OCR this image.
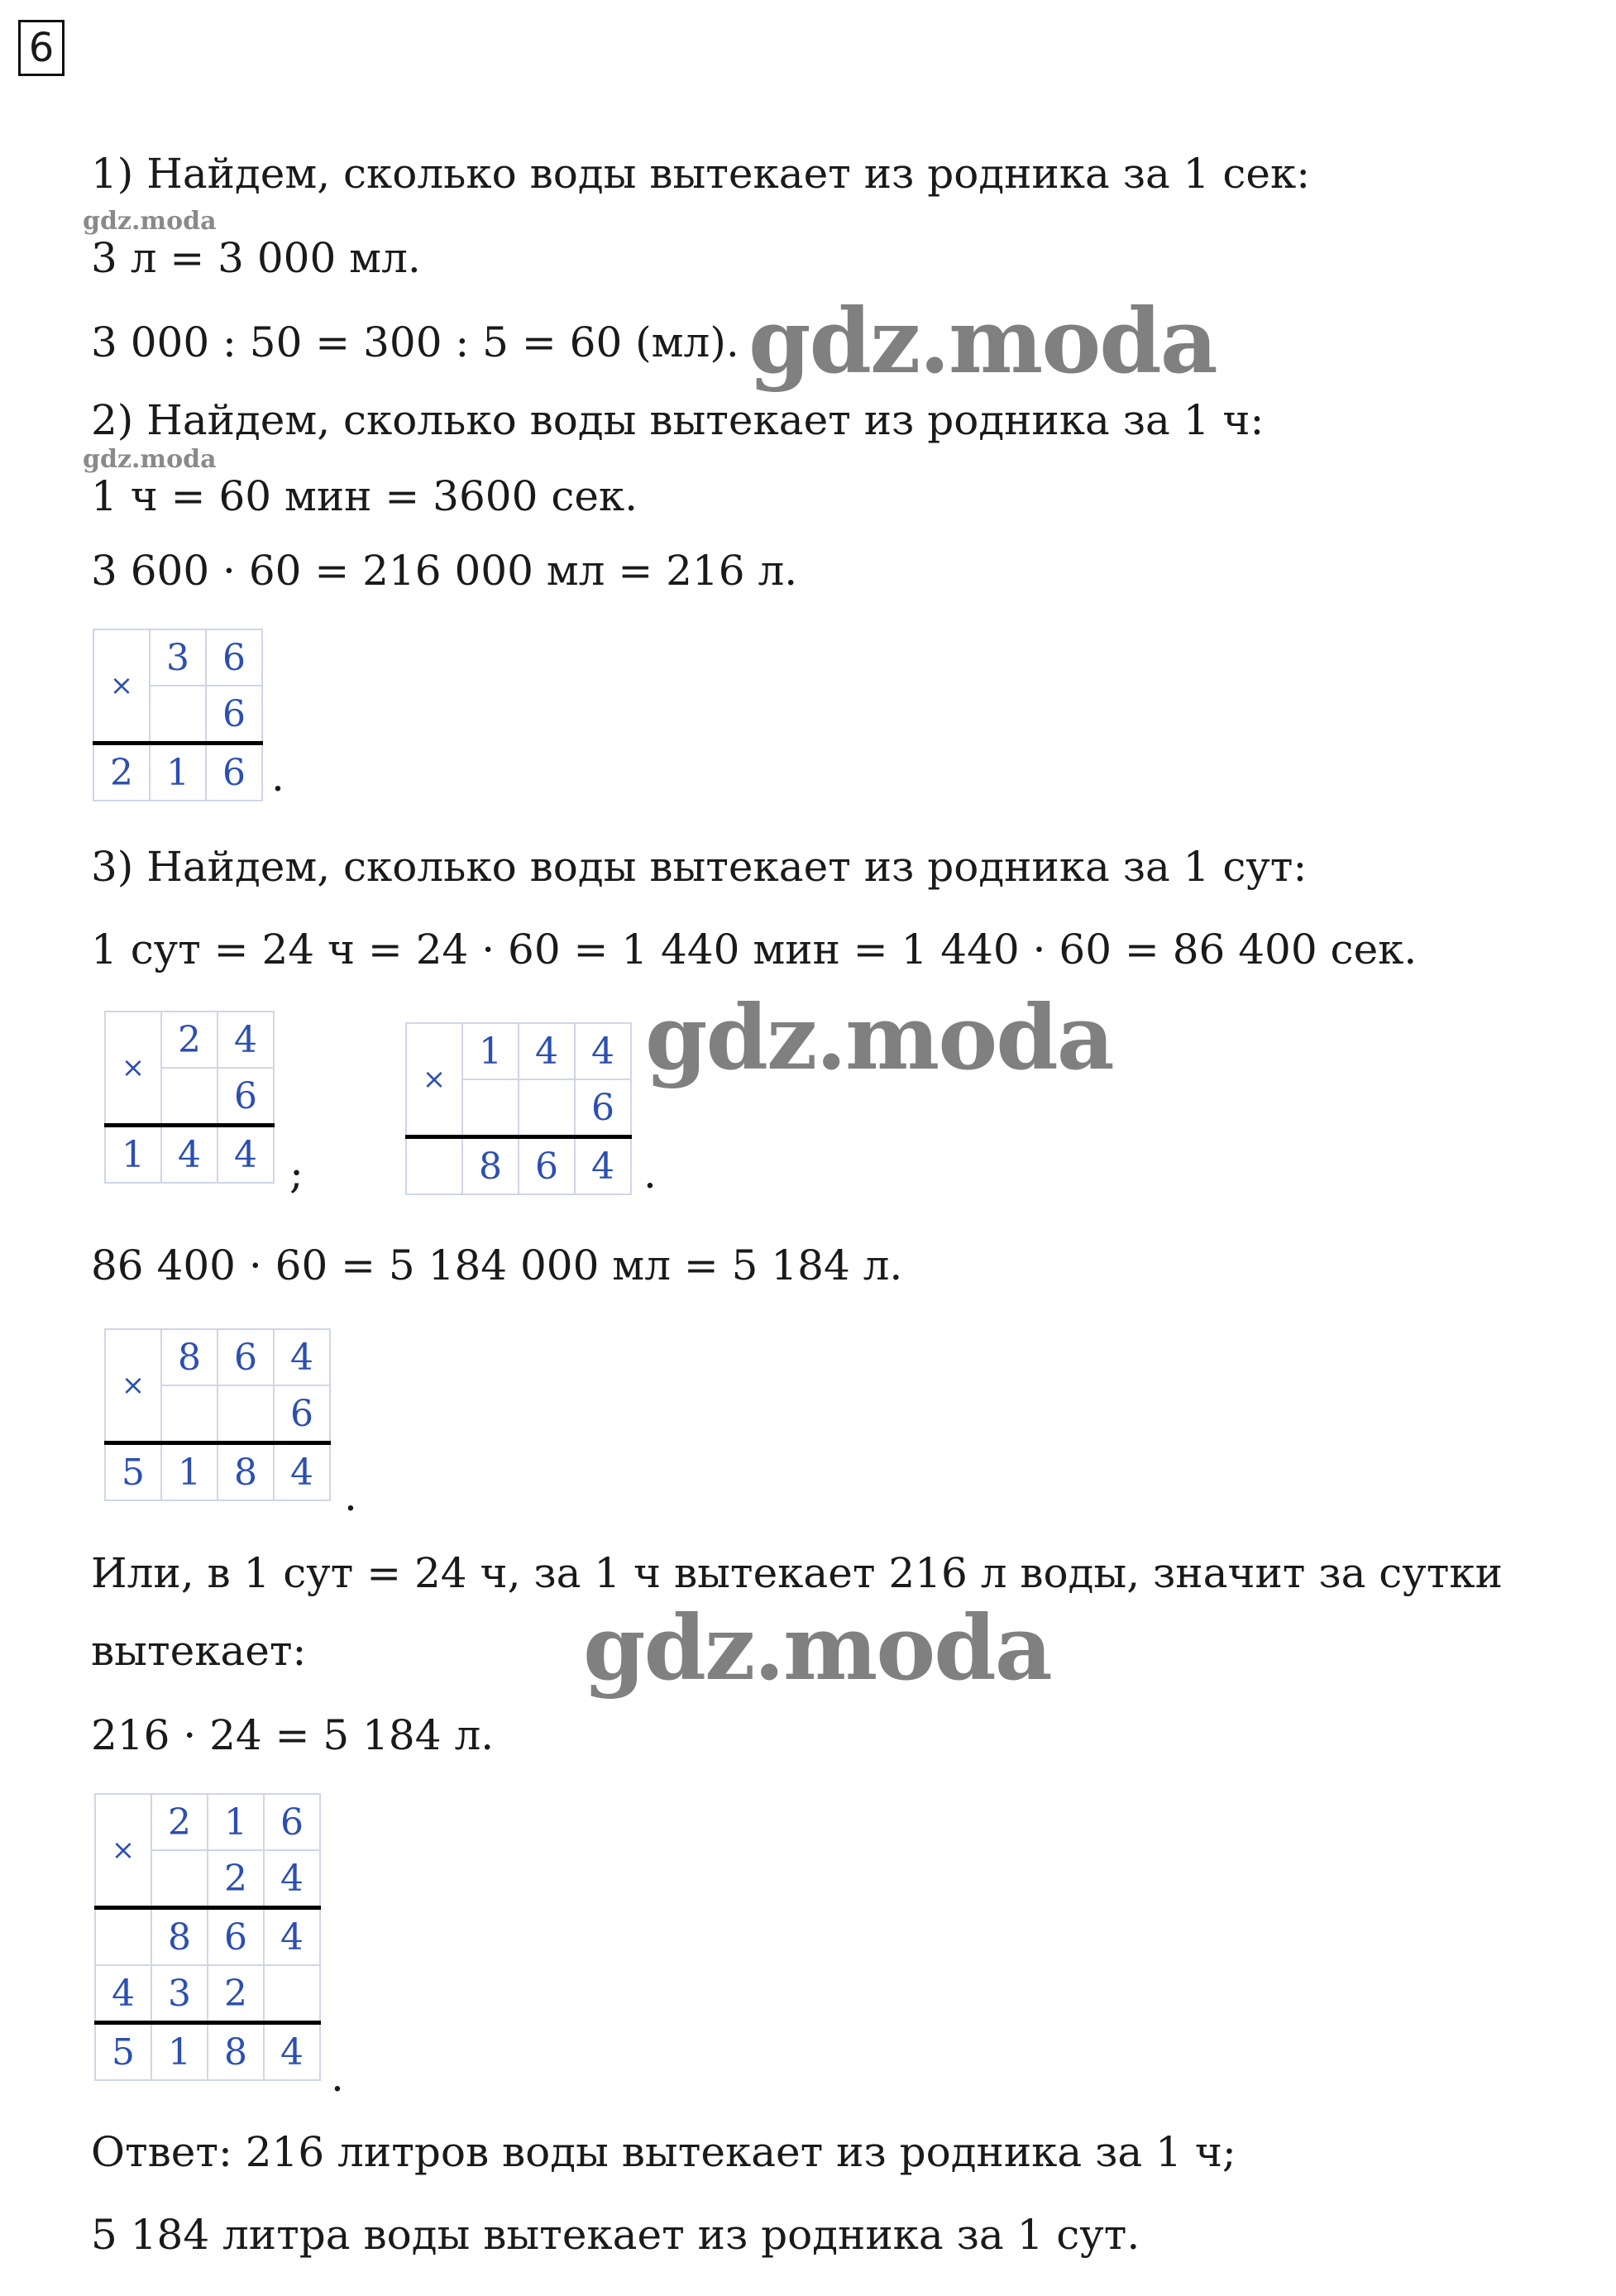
6
1) Найдем, сколько воды вытекает из родника за 1 сек:
gdz.moda
3 л = 3 000 мл.
3 000 : 50 = 300 : 5 = 60 (мл). gdz.moda
2) Найдем, сколько воды вытекает из родника за 1 ч:
gdz.moda
1 ч = 60 мин = 3600 сек.
3 600 · 60 = 216 000 мл = 216 л.
×	3	6
		6
2	1	6 .
3) Найдем, сколько воды вытекает из родника за 1 сут:
1 сут = 24 ч = 24 · 60 = 1 440 мин = 1 440 · 60 = 86 400 сек.
×	2	4
		6
1	4	4 ;
×	1	4	4
			6
	8	6	4 .
gdz.moda
86 400 · 60 = 5 184 000 мл = 5 184 л.
×	8	6	4
			6
5	1	8	4 .
Или, в 1 сут = 24 ч, за 1 ч вытекает 216 л воды, значит за сутки
вытекает:	gdz.moda
216 · 24 = 5 184 л.
×	2	1	6
		2	4
	8	6	4
4	3	2	
5	1	8	4
.
Ответ: 216 литров воды вытекает из родника за 1 ч;
5 184 литра воды вытекает из родника за 1 сут.
